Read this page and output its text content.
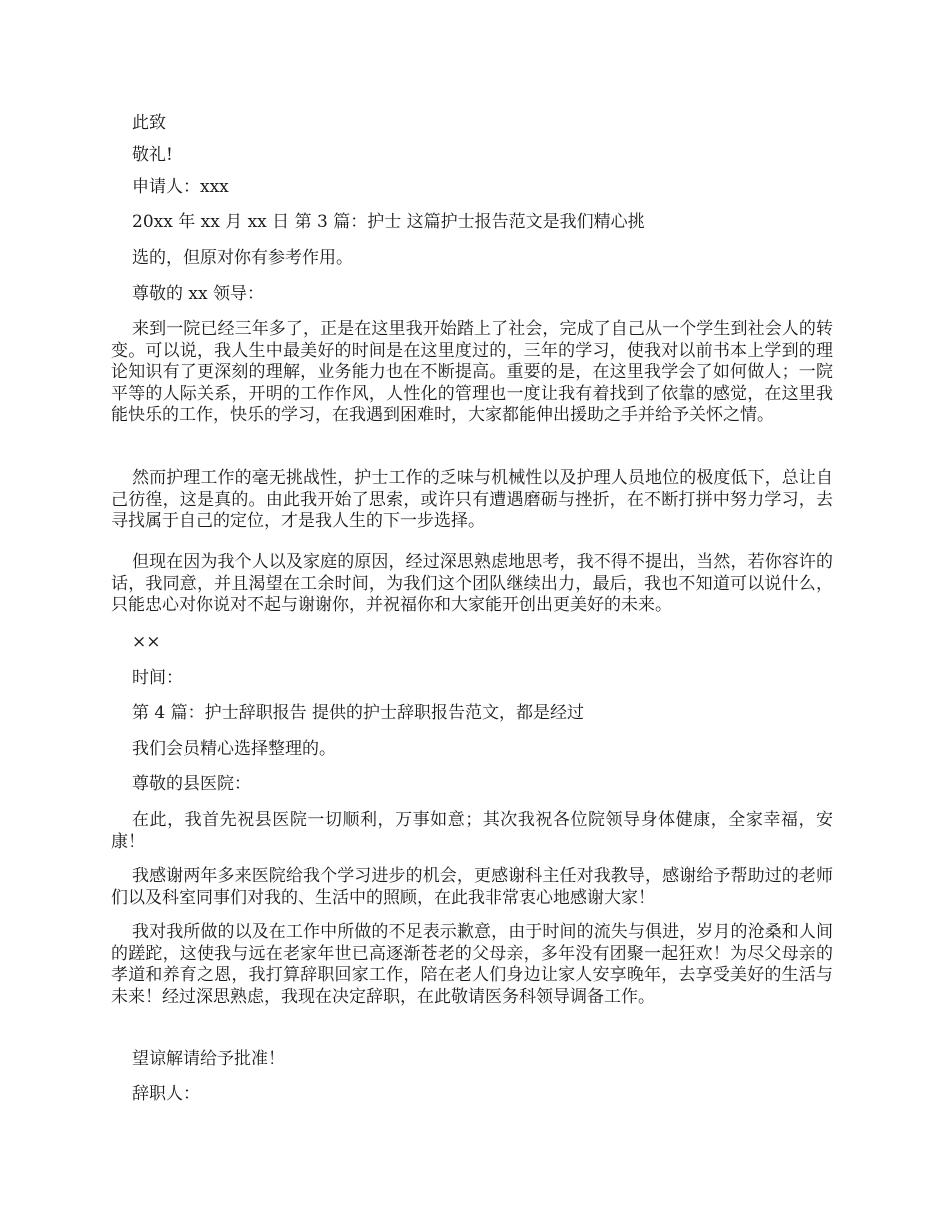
此致

敬礼!

申请人：xxx

20xx 年 xx 月 xx 日 第 3 篇：护士 这篇护士报告范文是我们精心挑

选的，但原对你有参考作用。

尊敬的 xx 领导：

来到一院已经三年多了，正是在这里我开始踏上了社会，完成了自己从一个学生到社会人的转变。可以说，我人生中最美好的时间是在这里度过的，三年的学习，使我对以前书本上学到的理论知识有了更深刻的理解，业务能力也在不断提高。重要的是，在这里我学会了如何做人；一院平等的人际关系，开明的工作作风，人性化的管理也一度让我有着找到了依靠的感觉，在这里我能快乐的工作，快乐的学习，在我遇到困难时，大家都能伸出援助之手并给予关怀之情。

然而护理工作的毫无挑战性，护士工作的乏味与机械性以及护理人员地位的极度低下，总让自己彷徨，这是真的。由此我开始了思索，或许只有遭遇磨砺与挫折，在不断打拼中努力学习，去寻找属于自己的定位，才是我人生的下一步选择。

但现在因为我个人以及家庭的原因，经过深思熟虑地思考，我不得不提出，当然，若你容许的话，我同意，并且渴望在工余时间，为我们这个团队继续出力，最后，我也不知道可以说什么，只能忠心对你说对不起与谢谢你，并祝福你和大家能开创出更美好的未来。

××

时间：

第 4 篇：护士辞职报告 提供的护士辞职报告范文，都是经过

我们会员精心选择整理的。

尊敬的县医院：

在此，我首先祝县医院一切顺利，万事如意；其次我祝各位院领导身体健康，全家幸福，安康！

我感谢两年多来医院给我个学习进步的机会，更感谢科主任对我教导，感谢给予帮助过的老师们以及科室同事们对我的、生活中的照顾，在此我非常衷心地感谢大家！

我对我所做的以及在工作中所做的不足表示歉意，由于时间的流失与俱进，岁月的沧桑和人间的蹉跎，这使我与远在老家年世已高逐渐苍老的父母亲，多年没有团聚一起狂欢！为尽父母亲的孝道和养育之恩，我打算辞职回家工作，陪在老人们身边让家人安享晚年，去享受美好的生活与未来！经过深思熟虑，我现在决定辞职，在此敬请医务科领导调备工作。

望谅解请给予批准！

辞职人：
